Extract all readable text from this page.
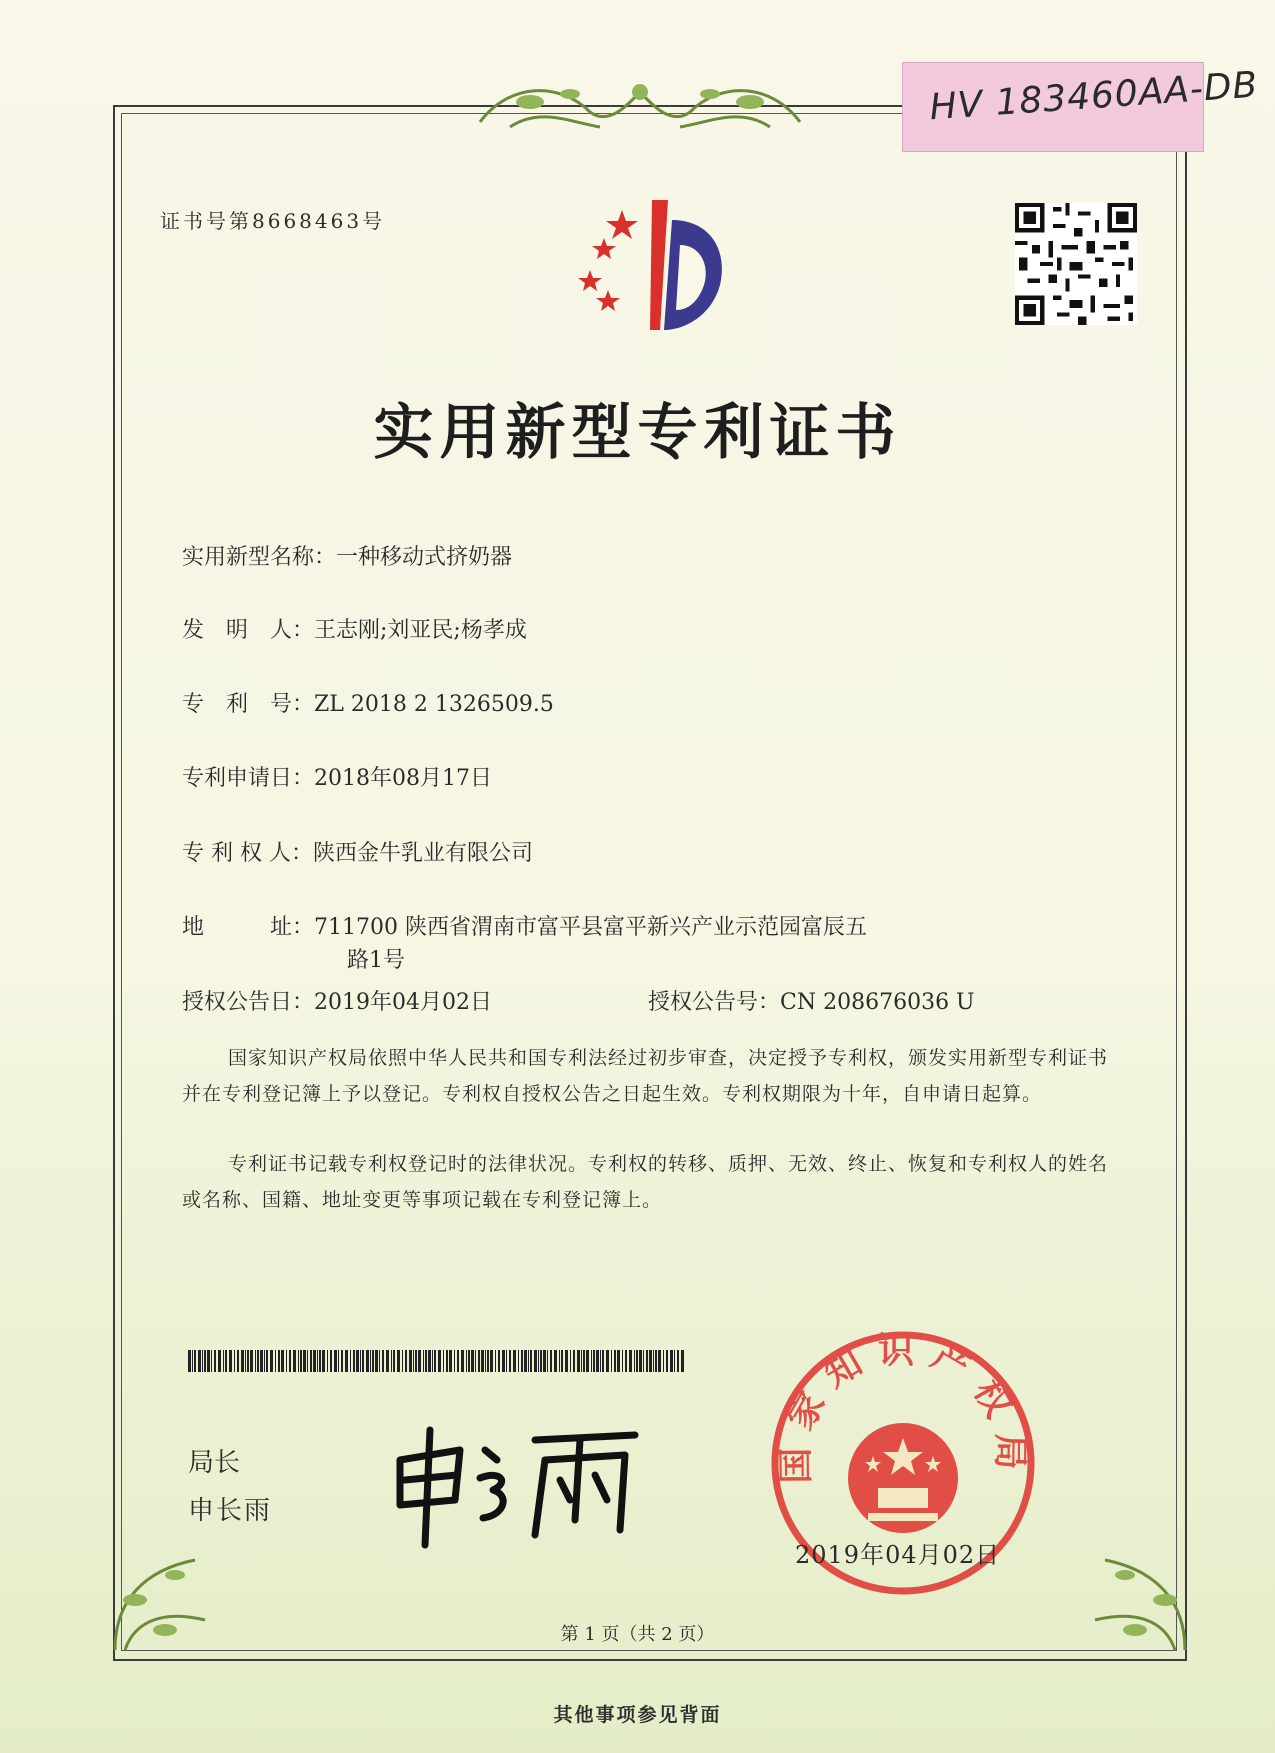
HV 183460AA-DB
证书号第8668463号
实用新型专利证书
实用新型名称：一种移动式挤奶器
发　明　人：王志刚;刘亚民;杨孝成
专　利　号：ZL 2018 2 1326509.5
专利申请日：2018年08月17日
专 利 权 人：陕西金牛乳业有限公司
地　　　址：711700 陕西省渭南市富平县富平新兴产业示范园富辰五
路1号
授权公告日：2019年04月02日	授权公告号：CN 208676036 U
国家知识产权局依照中华人民共和国专利法经过初步审查，决定授予专利权，颁发实用新型专利证书并在专利登记簿上予以登记。专利权自授权公告之日起生效。专利权期限为十年，自申请日起算。
专利证书记载专利权登记时的法律状况。专利权的转移、质押、无效、终止、恢复和专利权人的姓名或名称、国籍、地址变更等事项记载在专利登记簿上。
局长
申长雨
国家知识产权局
2019年04月02日
第 1 页（共 2 页）
其他事项参见背面
